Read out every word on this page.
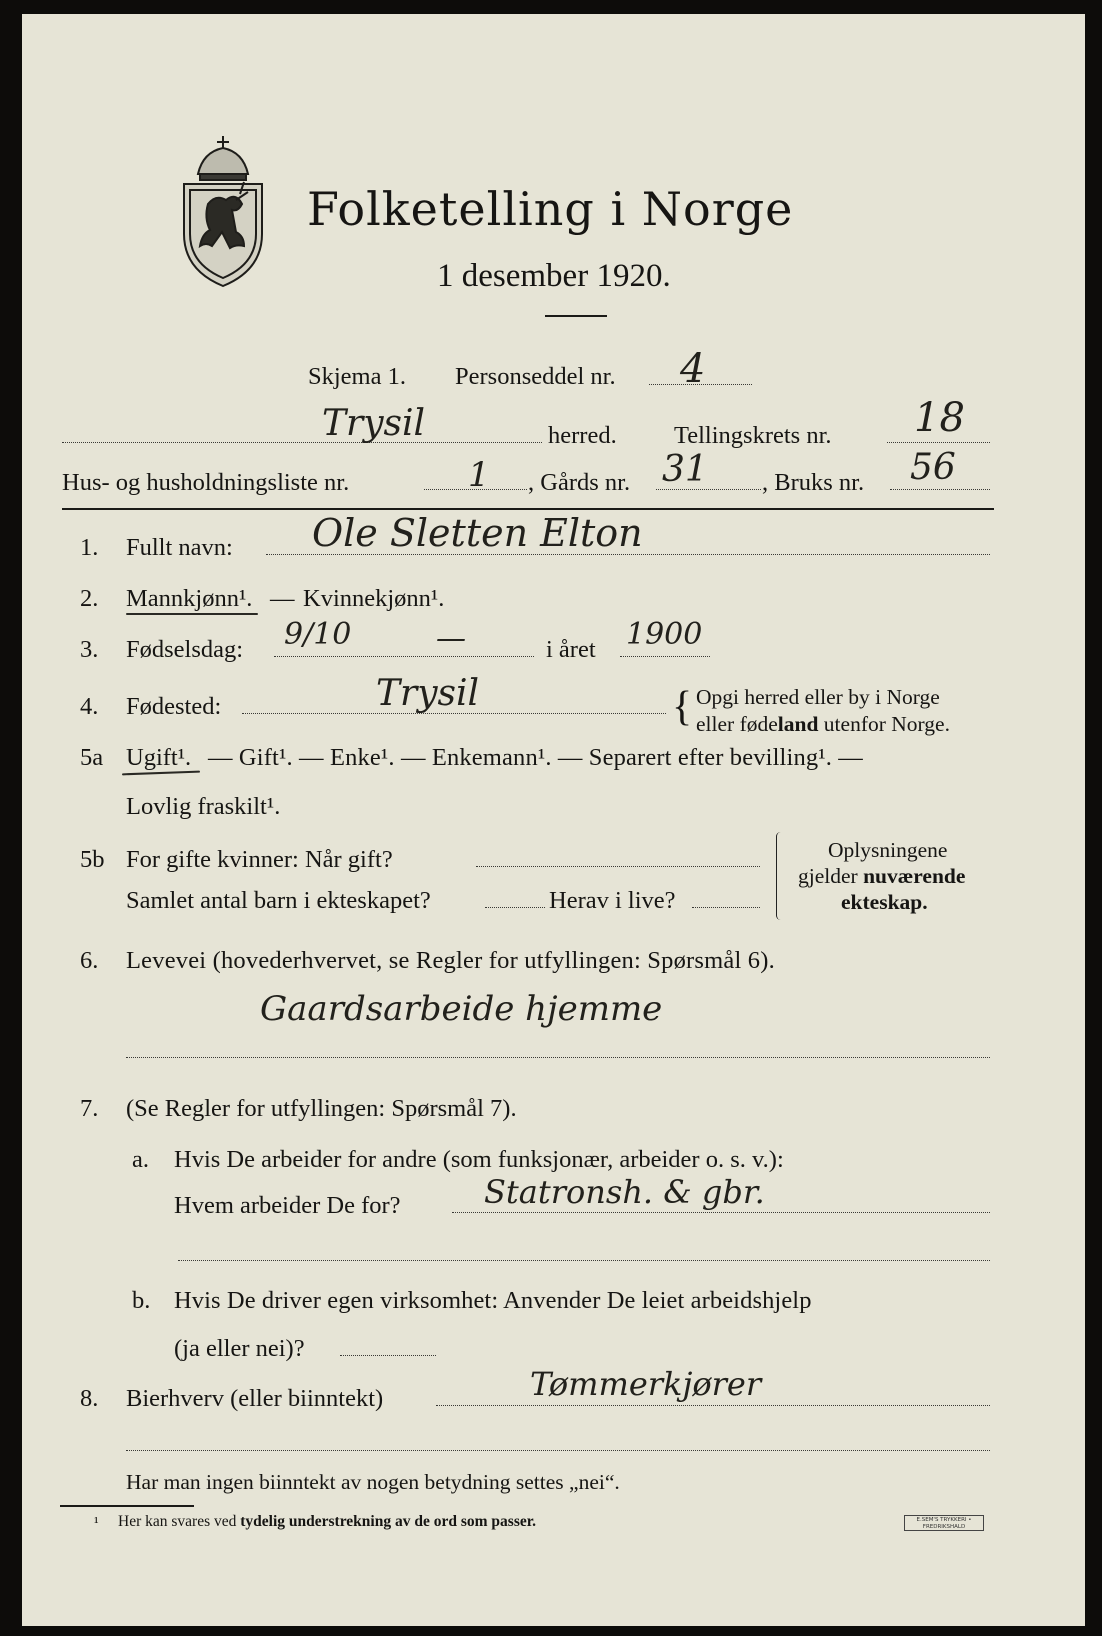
Folketelling i Norge
1 desember 1920.
Skjema 1. Personseddel nr. 4
Trysil	herred. Tellingskrets nr. 18
Hus- og husholdningsliste nr.	1 , Gårds nr. 31 , Bruks nr. 56
1. Fullt navn: Ole Sletten Elton
2. Mannkjønn¹. — Kvinnekjønn¹.
3. Fødselsdag: 9/10	—	i året 1900
4. Fødested:	Trysil	{ Opgi herred eller by i Norge
eller fødeland utenfor Norge.
5a Ugift¹. — Gift¹. — Enke¹. — Enkemann¹. — Separert efter bevilling¹. —
Lovlig fraskilt¹.
5b For gifte kvinner: Når gift?
Samlet antal barn i ekteskapet?	Herav i live?
Oplysningene
gjelder nuværende
ekteskap.
6. Levevei (hovederhvervet, se Regler for utfyllingen: Spørsmål 6).
Gaardsarbeide hjemme
7. (Se Regler for utfyllingen: Spørsmål 7).
a. Hvis De arbeider for andre (som funksjonær, arbeider o. s. v.):
Hvem arbeider De for?	Statronsh. & gbr.
b. Hvis De driver egen virksomhet: Anvender De leiet arbeidshjelp
(ja eller nei)?
8. Bierhverv (eller biinntekt)	Tømmerkjører
Har man ingen biinntekt av nogen betydning settes „nei“.
¹ Her kan svares ved tydelig understrekning av de ord som passer.	E.SEM'S TRYKKERI • FREDRIKSHALD
